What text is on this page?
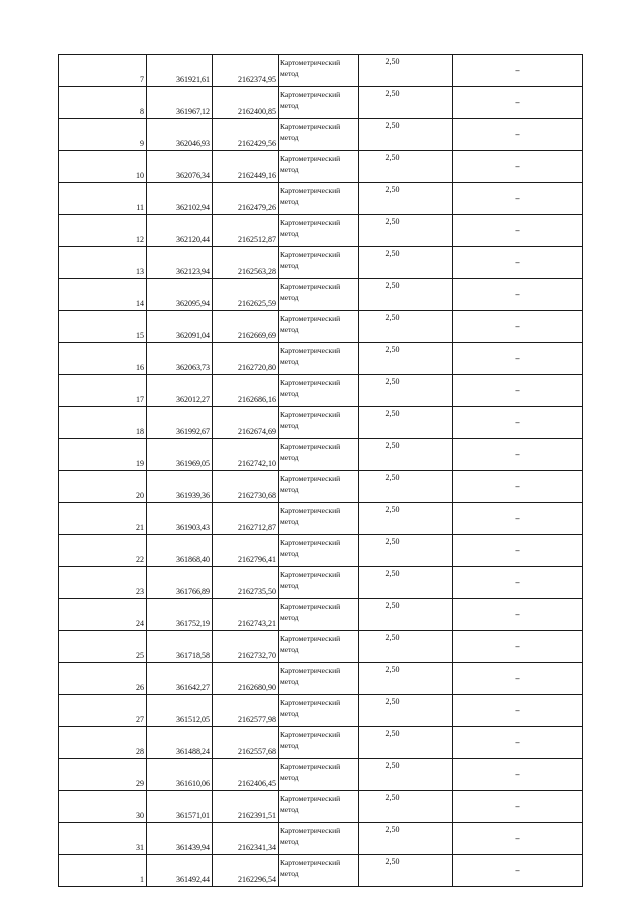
7	361921,61	2162374,95	Картометрический
метод	2,50	–
8	361967,12	2162400,85	Картометрический
метод	2,50	–
9	362046,93	2162429,56	Картометрический
метод	2,50	–
10	362076,34	2162449,16	Картометрический
метод	2,50	–
11	362102,94	2162479,26	Картометрический
метод	2,50	–
12	362120,44	2162512,87	Картометрический
метод	2,50	–
13	362123,94	2162563,28	Картометрический
метод	2,50	–
14	362095,94	2162625,59	Картометрический
метод	2,50	–
15	362091,04	2162669,69	Картометрический
метод	2,50	–
16	362063,73	2162720,80	Картометрический
метод	2,50	–
17	362012,27	2162686,16	Картометрический
метод	2,50	–
18	361992,67	2162674,69	Картометрический
метод	2,50	–
19	361969,05	2162742,10	Картометрический
метод	2,50	–
20	361939,36	2162730,68	Картометрический
метод	2,50	–
21	361903,43	2162712,87	Картометрический
метод	2,50	–
22	361868,40	2162796,41	Картометрический
метод	2,50	–
23	361766,89	2162735,50	Картометрический
метод	2,50	–
24	361752,19	2162743,21	Картометрический
метод	2,50	–
25	361718,58	2162732,70	Картометрический
метод	2,50	–
26	361642,27	2162680,90	Картометрический
метод	2,50	–
27	361512,05	2162577,98	Картометрический
метод	2,50	–
28	361488,24	2162557,68	Картометрический
метод	2,50	–
29	361610,06	2162406,45	Картометрический
метод	2,50	–
30	361571,01	2162391,51	Картометрический
метод	2,50	–
31	361439,94	2162341,34	Картометрический
метод	2,50	–
1	361492,44	2162296,54	Картометрический
метод	2,50	–
